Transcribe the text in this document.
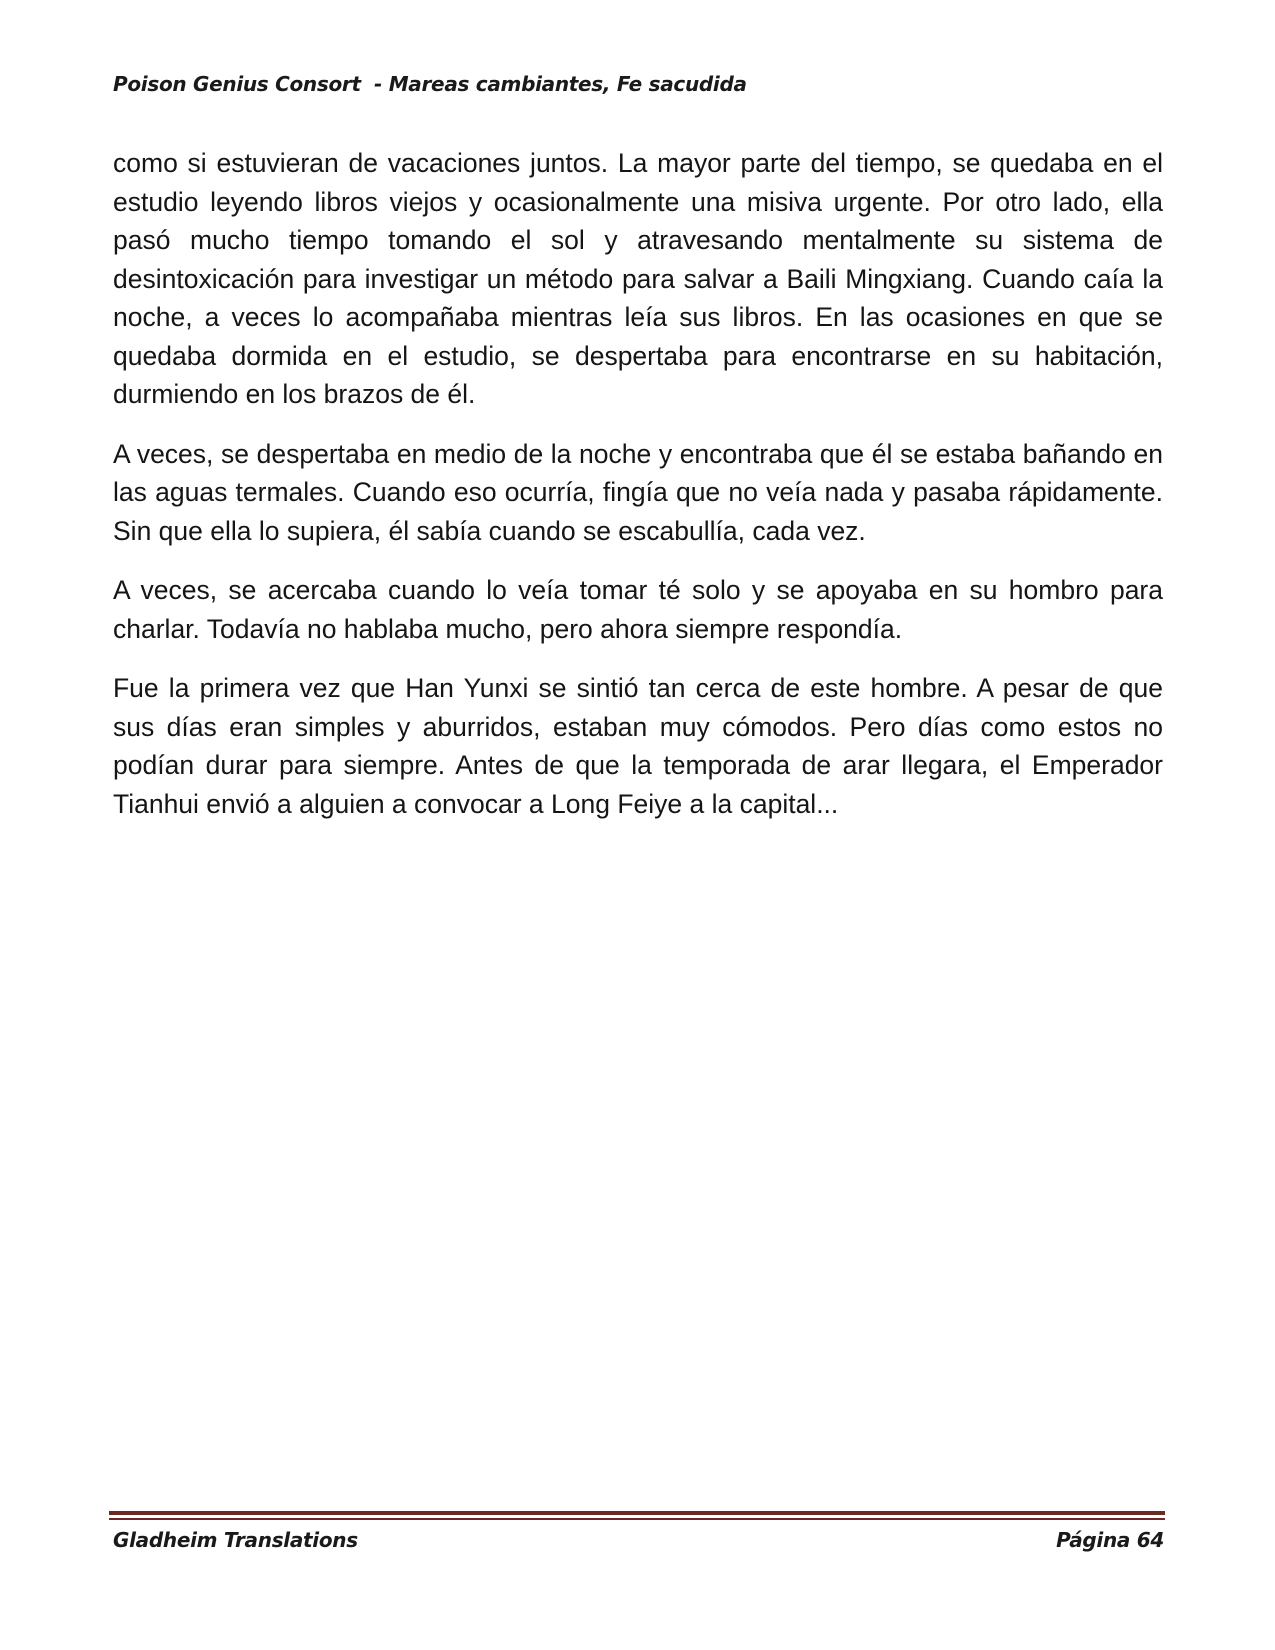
Poison Genius Consort  - Mareas cambiantes, Fe sacudida

como si estuvieran de vacaciones juntos. La mayor parte del tiempo, se quedaba en el estudio leyendo libros viejos y ocasionalmente una misiva urgente. Por otro lado, ella pasó mucho tiempo tomando el sol y atravesando mentalmente su sistema de desintoxicación para investigar un método para salvar a Baili Mingxiang. Cuando caía la noche, a veces lo acompañaba mientras leía sus libros. En las ocasiones en que se quedaba dormida en el estudio, se despertaba para encontrarse en su habitación, durmiendo en los brazos de él.

A veces, se despertaba en medio de la noche y encontraba que él se estaba bañando en las aguas termales. Cuando eso ocurría, fingía que no veía nada y pasaba rápidamente. Sin que ella lo supiera, él sabía cuando se escabullía, cada vez.

A veces, se acercaba cuando lo veía tomar té solo y se apoyaba en su hombro para charlar. Todavía no hablaba mucho, pero ahora siempre respondía.

Fue la primera vez que Han Yunxi se sintió tan cerca de este hombre. A pesar de que sus días eran simples y aburridos, estaban muy cómodos. Pero días como estos no podían durar para siempre. Antes de que la temporada de arar llegara, el Emperador Tianhui envió a alguien a convocar a Long Feiye a la capital...

Gladheim Translations	Página 64
